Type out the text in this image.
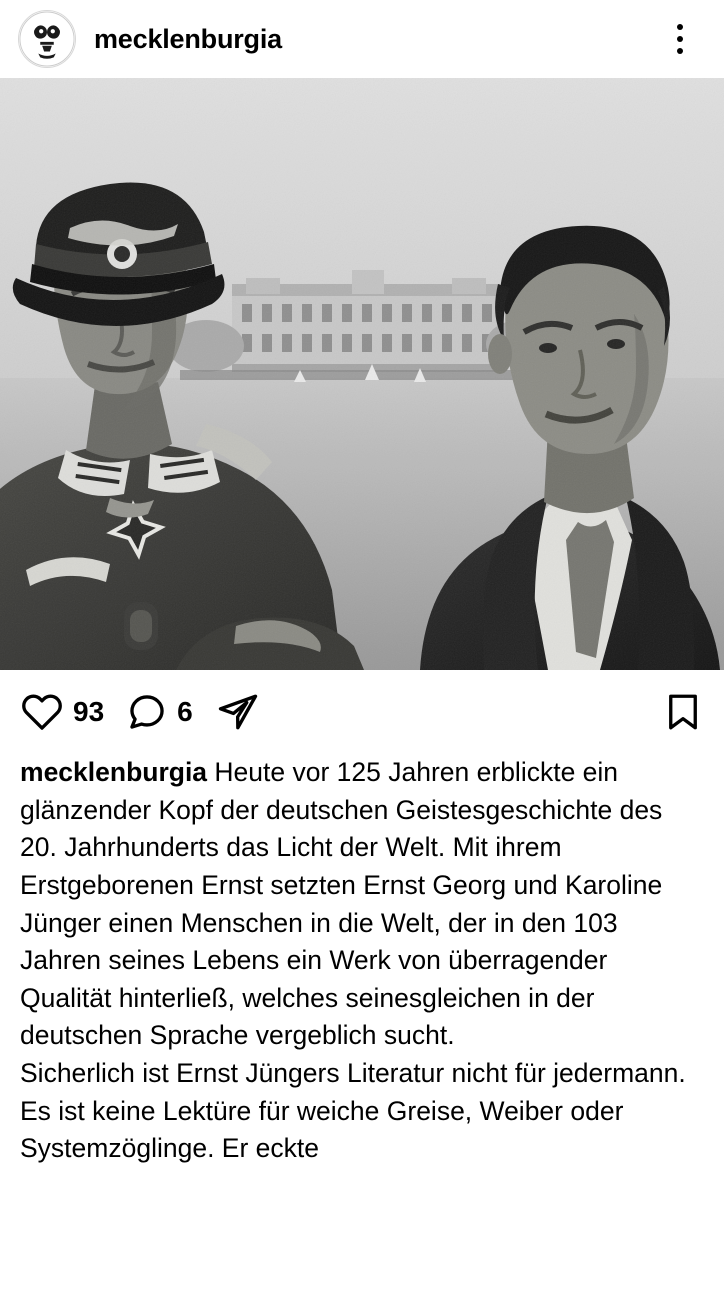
mecklenburgia
93	6

mecklenburgia Heute vor 125 Jahren erblickte ein glänzender Kopf der deutschen Geistesgeschichte des 20. Jahrhunderts das Licht der Welt. Mit ihrem Erstgeborenen Ernst setzten Ernst Georg und Karoline Jünger einen Menschen in die Welt, der in den 103 Jahren seines Lebens ein Werk von überragender Qualität hinterließ, welches seinesgleichen in der deutschen Sprache vergeblich sucht.

Sicherlich ist Ernst Jüngers Literatur nicht für jedermann. Es ist keine Lektüre für weiche Greise, Weiber oder Systemzöglinge. Er eckte
